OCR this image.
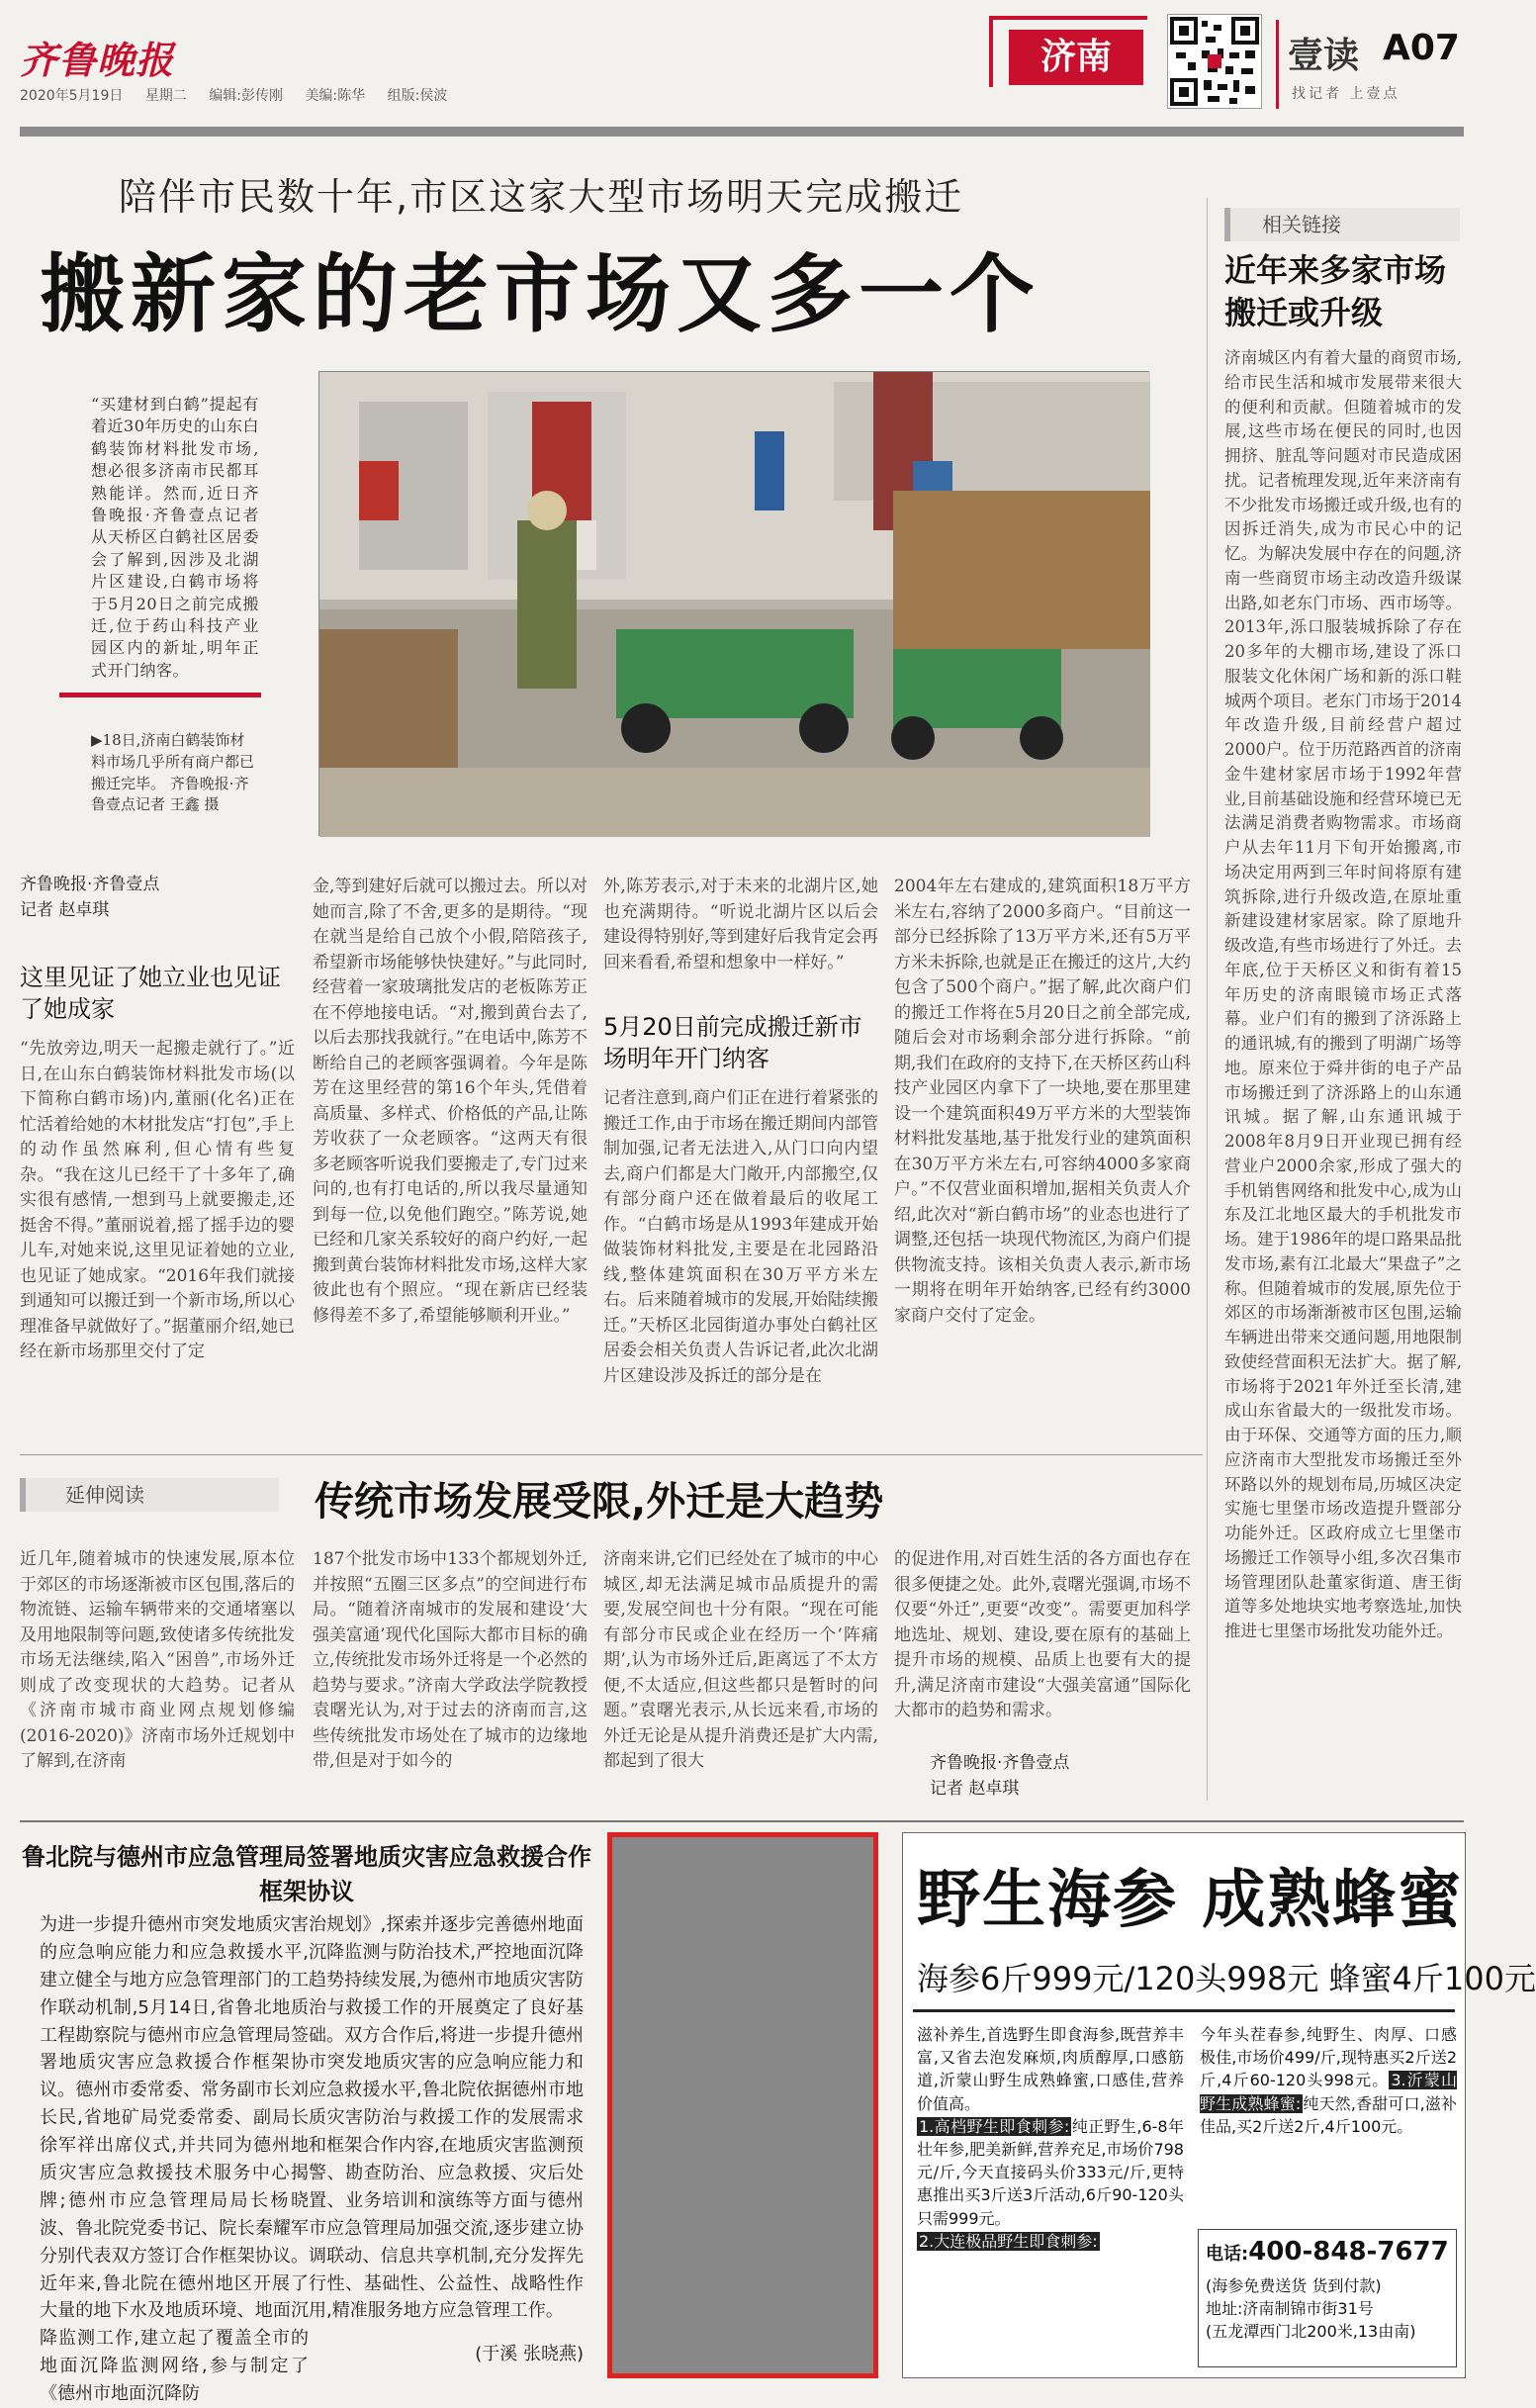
齐鲁晚报
2020年5月19日 星期二 编辑:彭传刚 美编:陈华 组版:侯波
济南	壹读 A07
找记者 上壹点
陪伴市民数十年,市区这家大型市场明天完成搬迁
搬新家的老市场又多一个
“买建材到白鹤”提起有着近30年历史的山东白鹤装饰材料批发市场,想必很多济南市民都耳熟能详。然而,近日齐鲁晚报·齐鲁壹点记者从天桥区白鹤社区居委会了解到,因涉及北湖片区建设,白鹤市场将于5月20日之前完成搬迁,位于药山科技产业园区内的新址,明年正式开门纳客。
▶18日,济南白鹤装饰材料市场几乎所有商户都已搬迁完毕。 齐鲁晚报·齐鲁壹点记者 王鑫 摄
齐鲁晚报·齐鲁壹点
记者 赵卓琪
这里见证了她立业也见证了她成家
“先放旁边,明天一起搬走就行了。”近日,在山东白鹤装饰材料批发市场(以下简称白鹤市场)内,董丽(化名)正在忙活着给她的木材批发店“打包”,手上的动作虽然麻利,但心情有些复杂。“我在这儿已经干了十多年了,确实很有感情,一想到马上就要搬走,还挺舍不得。”董丽说着,摇了摇手边的婴儿车,对她来说,这里见证着她的立业,也见证了她成家。“2016年我们就接到通知可以搬迁到一个新市场,所以心理准备早就做好了。”据董丽介绍,她已经在新市场那里交付了定
金,等到建好后就可以搬过去。所以对她而言,除了不舍,更多的是期待。“现在就当是给自己放个小假,陪陪孩子,希望新市场能够快快建好。”与此同时,经营着一家玻璃批发店的老板陈芳正在不停地接电话。“对,搬到黄台去了,以后去那找我就行。”在电话中,陈芳不断给自己的老顾客强调着。今年是陈芳在这里经营的第16个年头,凭借着高质量、多样式、价格低的产品,让陈芳收获了一众老顾客。“这两天有很多老顾客听说我们要搬走了,专门过来问的,也有打电话的,所以我尽量通知到每一位,以免他们跑空。”陈芳说,她已经和几家关系较好的商户约好,一起搬到黄台装饰材料批发市场,这样大家彼此也有个照应。“现在新店已经装修得差不多了,希望能够顺利开业。”
外,陈芳表示,对于未来的北湖片区,她也充满期待。“听说北湖片区以后会建设得特别好,等到建好后我肯定会再回来看看,希望和想象中一样好。”
5月20日前完成搬迁新市场明年开门纳客
记者注意到,商户们正在进行着紧张的搬迁工作,由于市场在搬迁期间内部管制加强,记者无法进入,从门口向内望去,商户们都是大门敞开,内部搬空,仅有部分商户还在做着最后的收尾工作。“白鹤市场是从1993年建成开始做装饰材料批发,主要是在北园路沿线,整体建筑面积在30万平方米左右。后来随着城市的发展,开始陆续搬迁。”天桥区北园街道办事处白鹤社区居委会相关负责人告诉记者,此次北湖片区建设涉及拆迁的部分是在
2004年左右建成的,建筑面积18万平方米左右,容纳了2000多商户。“目前这一部分已经拆除了13万平方米,还有5万平方米未拆除,也就是正在搬迁的这片,大约包含了500个商户。”据了解,此次商户们的搬迁工作将在5月20日之前全部完成,随后会对市场剩余部分进行拆除。“前期,我们在政府的支持下,在天桥区药山科技产业园区内拿下了一块地,要在那里建设一个建筑面积49万平方米的大型装饰材料批发基地,基于批发行业的建筑面积在30万平方米左右,可容纳4000多家商户。”不仅营业面积增加,据相关负责人介绍,此次对“新白鹤市场”的业态也进行了调整,还包括一块现代物流区,为商户们提供物流支持。该相关负责人表示,新市场一期将在明年开始纳客,已经有约3000家商户交付了定金。
相关链接
近年来多家市场搬迁或升级
济南城区内有着大量的商贸市场,给市民生活和城市发展带来很大的便利和贡献。但随着城市的发展,这些市场在便民的同时,也因拥挤、脏乱等问题对市民造成困扰。记者梳理发现,近年来济南有不少批发市场搬迁或升级,也有的因拆迁消失,成为市民心中的记忆。为解决发展中存在的问题,济南一些商贸市场主动改造升级谋出路,如老东门市场、西市场等。2013年,泺口服装城拆除了存在20多年的大棚市场,建设了泺口服装文化休闲广场和新的泺口鞋城两个项目。老东门市场于2014年改造升级,目前经营户超过2000户。位于历范路西首的济南金牛建材家居市场于1992年营业,目前基础设施和经营环境已无法满足消费者购物需求。市场商户从去年11月下旬开始搬离,市场决定用两到三年时间将原有建筑拆除,进行升级改造,在原址重新建设建材家居家。除了原地升级改造,有些市场进行了外迁。去年底,位于天桥区义和街有着15年历史的济南眼镜市场正式落幕。业户们有的搬到了济泺路上的通讯城,有的搬到了明湖广场等地。原来位于舜井街的电子产品市场搬迁到了济泺路上的山东通讯城。据了解,山东通讯城于2008年8月9日开业现已拥有经营业户2000余家,形成了强大的手机销售网络和批发中心,成为山东及江北地区最大的手机批发市场。建于1986年的堤口路果品批发市场,素有江北最大“果盘子”之称。但随着城市的发展,原先位于郊区的市场渐渐被市区包围,运输车辆进出带来交通问题,用地限制致使经营面积无法扩大。据了解,市场将于2021年外迁至长清,建成山东省最大的一级批发市场。由于环保、交通等方面的压力,顺应济南市大型批发市场搬迁至外环路以外的规划布局,历城区决定实施七里堡市场改造提升暨部分功能外迁。区政府成立七里堡市场搬迁工作领导小组,多次召集市场管理团队赴董家街道、唐王街道等多处地块实地考察选址,加快推进七里堡市场批发功能外迁。
延伸阅读	传统市场发展受限,外迁是大趋势
近几年,随着城市的快速发展,原本位于郊区的市场逐渐被市区包围,落后的物流链、运输车辆带来的交通堵塞以及用地限制等问题,致使诸多传统批发市场无法继续,陷入“困兽”,市场外迁则成了改变现状的大趋势。记者从《济南市城市商业网点规划修编(2016-2020)》济南市场外迁规划中了解到,在济南
187个批发市场中133个都规划外迁,并按照“五圈三区多点”的空间进行布局。“随着济南城市的发展和建设‘大强美富通’现代化国际大都市目标的确立,传统批发市场外迁将是一个必然的趋势与要求。”济南大学政法学院教授袁曙光认为,对于过去的济南而言,这些传统批发市场处在了城市的边缘地带,但是对于如今的
济南来讲,它们已经处在了城市的中心城区,却无法满足城市品质提升的需要,发展空间也十分有限。“现在可能有部分市民或企业在经历一个‘阵痛期’,认为市场外迁后,距离远了不太方便,不太适应,但这些都只是暂时的问题。”袁曙光表示,从长远来看,市场的外迁无论是从提升消费还是扩大内需,都起到了很大
的促进作用,对百姓生活的各方面也存在很多便捷之处。此外,袁曙光强调,市场不仅要“外迁”,更要“改变”。需要更加科学地选址、规划、建设,要在原有的基础上提升市场的规模、品质上也要有大的提升,满足济南市建设“大强美富通”国际化大都市的趋势和需求。
齐鲁晚报·齐鲁壹点
记者 赵卓琪
鲁北院与德州市应急管理局签署地质灾害应急救援合作框架协议
为进一步提升德州市突发地质灾害的应急响应能力和应急救援水平,建立健全与地方应急管理部门的工作联动机制,5月14日,省鲁北地质工程勘察院与德州市应急管理局签署地质灾害应急救援合作框架协议。德州市委常委、常务副市长刘长民,省地矿局党委常委、副局长徐军祥出席仪式,并共同为德州地质灾害应急救援技术服务中心揭牌;德州市应急管理局局长杨晓波、鲁北院党委书记、院长秦耀军分别代表双方签订合作框架协议。近年来,鲁北院在德州地区开展了大量的地下水及地质环境、地面沉降监测工作,建立起了覆盖全市的地面沉降监测网络,参与制定了《德州市地面沉降防
治规划》,探索并逐步完善德州地面沉降监测与防治技术,严控地面沉降趋势持续发展,为德州市地质灾害防治与救援工作的开展奠定了良好基础。双方合作后,将进一步提升德州市突发地质灾害的应急响应能力和应急救援水平,鲁北院依据德州市地质灾害防治与救援工作的发展需求和框架合作内容,在地质灾害监测预警、勘查防治、应急救援、灾后处置、业务培训和演练等方面与德州市应急管理局加强交流,逐步建立协调联动、信息共享机制,充分发挥先行性、基础性、公益性、战略性作用,精准服务地方应急管理工作。
(于溪 张晓燕)
野生海参 成熟蜂蜜
海参6斤999元/120头998元 蜂蜜4斤100元
滋补养生,首选野生即食海参,既营养丰富,又省去泡发麻烦,肉质醇厚,口感筋道,沂蒙山野生成熟蜂蜜,口感佳,营养价值高。
1.高档野生即食刺参: 纯正野生,6-8年壮年参,肥美新鲜,营养充足,市场价798元/斤,今天直接码头价333元/斤,更特惠推出买3斤送3斤活动,6斤90-120头只需999元。
2.大连极品野生即食刺参:
今年头茬春参,纯野生、肉厚、口感极佳,市场价499/斤,现特惠买2斤送2斤,4斤60-120头998元。 3.沂蒙山野生成熟蜂蜜: 纯天然,香甜可口,滋补佳品,买2斤送2斤,4斤100元。
电话:400-848-7677
(海参免费送货 货到付款)
地址:济南制锦市街31号
(五龙潭西门北200米,13由南)
